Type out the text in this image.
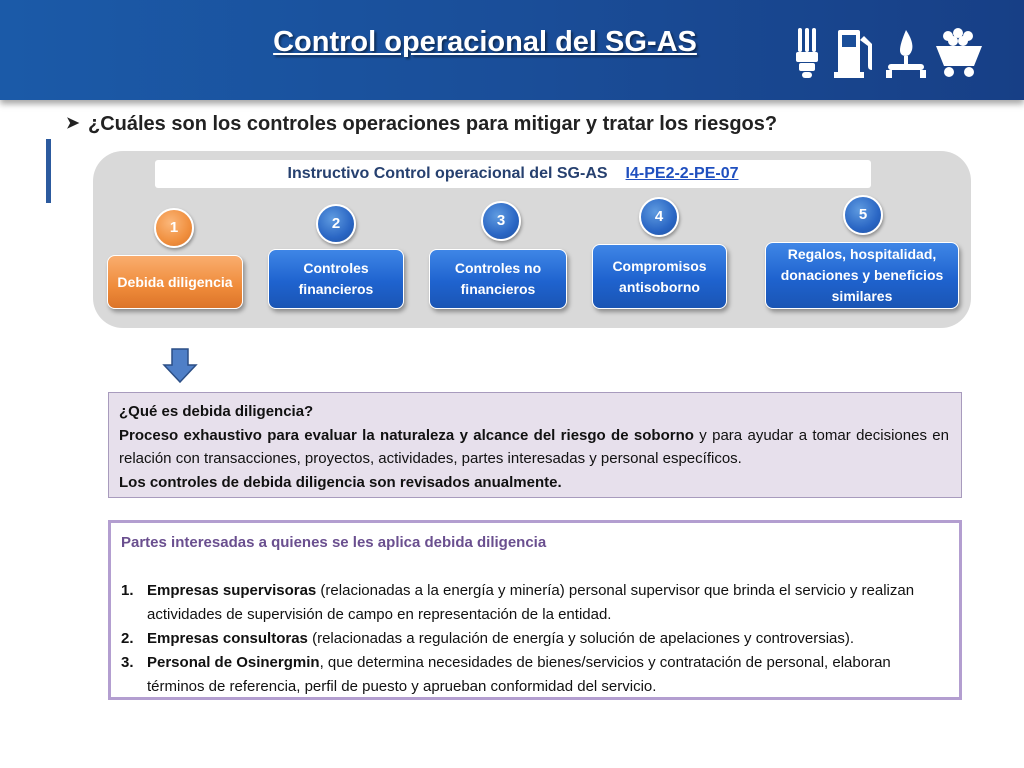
Control operacional del SG-AS
➤ ¿Cuáles son los controles operaciones para mitigar y tratar los riesgos?
Instructivo Control operacional del SG-AS I4-PE2-2-PE-07
1
Debida diligencia
2
Controles financieros
3
Controles no financieros
4
Compromisos antisoborno
5
Regalos, hospitalidad, donaciones y beneficios similares

¿Qué es debida diligencia?

Proceso exhaustivo para evaluar la naturaleza y alcance del riesgo de soborno y para ayudar a tomar decisiones en relación con transacciones, proyectos, actividades, partes interesadas y personal específicos.

Los controles de debida diligencia son revisados anualmente.

Partes interesadas a quienes se les aplica debida diligencia
1. Empresas supervisoras (relacionadas a la energía y minería) personal supervisor que brinda el servicio y realizan actividades de supervisión de campo en representación de la entidad.
2. Empresas consultoras (relacionadas a regulación de energía y solución de apelaciones y controversias).
3. Personal de Osinergmin, que determina necesidades de bienes/servicios y contratación de personal, elaboran términos de referencia, perfil de puesto y aprueban conformidad del servicio.
